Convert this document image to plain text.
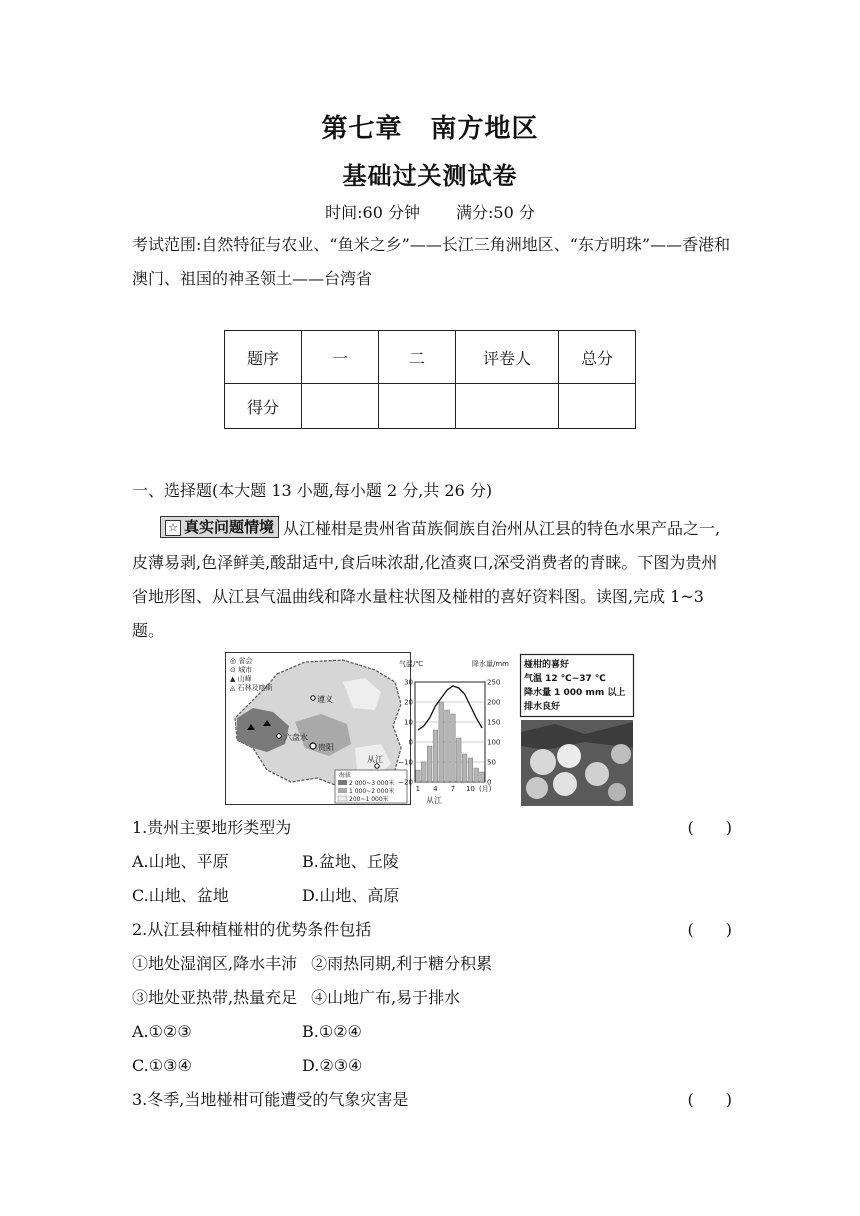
第七章 南方地区
基础过关测试卷
时间:60 分钟 满分:50 分
考试范围:自然特征与农业、“鱼米之乡”——长江三角洲地区、“东方明珠”——香港和澳门、祖国的神圣领土——台湾省
题序	一	二	评卷人	总分
得分				
一、选择题(本大题 13 小题,每小题 2 分,共 26 分)
☆ 真实问题情境 从江椪柑是贵州省苗族侗族自治州从江县的特色水果产品之一,皮薄易剥,色泽鲜美,酸甜适中,食后味浓甜,化渣爽口,深受消费者的青睐。下图为贵州省地形图、从江县气温曲线和降水量柱状图及椪柑的喜好资料图。读图,完成 1~3 题。
◎ 省会
⊙ 城市
▲ 山峰
◬ 石林及喀斯
遵义
六盘水
贵阳
从江
海拔
2 000~3 000米
1 000~2 000米
200~1 000米
气温/℃	降水量/mm
30
20
10
0
−10
−20
250
200
150
100
50
0
1 4 7 10 (月)
从江
椪柑的喜好
气温 12 ℃~37 ℃
降水量 1 000 mm 以上
排水良好
1.贵州主要地形类型为	(　　)
A.山地、平原	B.盆地、丘陵
C.山地、盆地	D.山地、高原
2.从江县种植椪柑的优势条件包括	(　　)
①地处湿润区,降水丰沛 ②雨热同期,利于糖分积累
③地处亚热带,热量充足 ④山地广布,易于排水
A.①②③	B.①②④
C.①③④	D.②③④
3.冬季,当地椪柑可能遭受的气象灾害是	(　　)
